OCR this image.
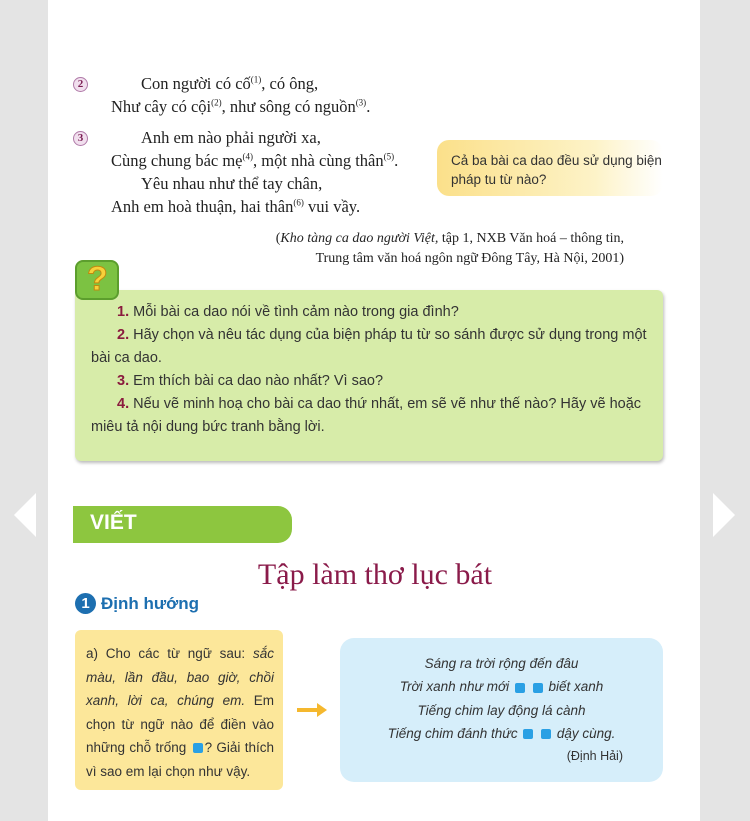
2	Con người có cố$^{(1)}$, có ông,
Như cây có cội$^{(2)}$, như sông có nguồn$^{(3)}$.
3	Anh em nào phải người xa,
Cùng chung bác mẹ$^{(4)}$, một nhà cùng thân$^{(5)}$.
Yêu nhau như thể tay chân,
Anh em hoà thuận, hai thân$^{(6)}$ vui vầy.
(Kho tàng ca dao người Việt, tập 1, NXB Văn hoá – thông tin,
Trung tâm văn hoá ngôn ngữ Đông Tây, Hà Nội, 2001)
Cả ba bài ca dao đều sử dụng biện pháp tu từ nào?

1. Mỗi bài ca dao nói về tình cảm nào trong gia đình?

2. Hãy chọn và nêu tác dụng của biện pháp tu từ so sánh được sử dụng trong một bài ca dao.

3. Em thích bài ca dao nào nhất? Vì sao?

4. Nếu vẽ minh hoạ cho bài ca dao thứ nhất, em sẽ vẽ như thế nào? Hãy vẽ hoặc miêu tả nội dung bức tranh bằng lời.

?
VIẾT
Tập làm thơ lục bát
1 Định hướng
a) Cho các từ ngữ sau: sắc màu, lần đầu, bao giờ, chồi xanh, lời ca, chúng em. Em chọn từ ngữ nào để điền vào những chỗ trống ? Giải thích vì sao em lại chọn như vậy.
Sáng ra trời rộng đến đâu
Trời xanh như mới   biết xanh
Tiếng chim lay động lá cành
Tiếng chim đánh thức   dậy cùng.
(Định Hải)
